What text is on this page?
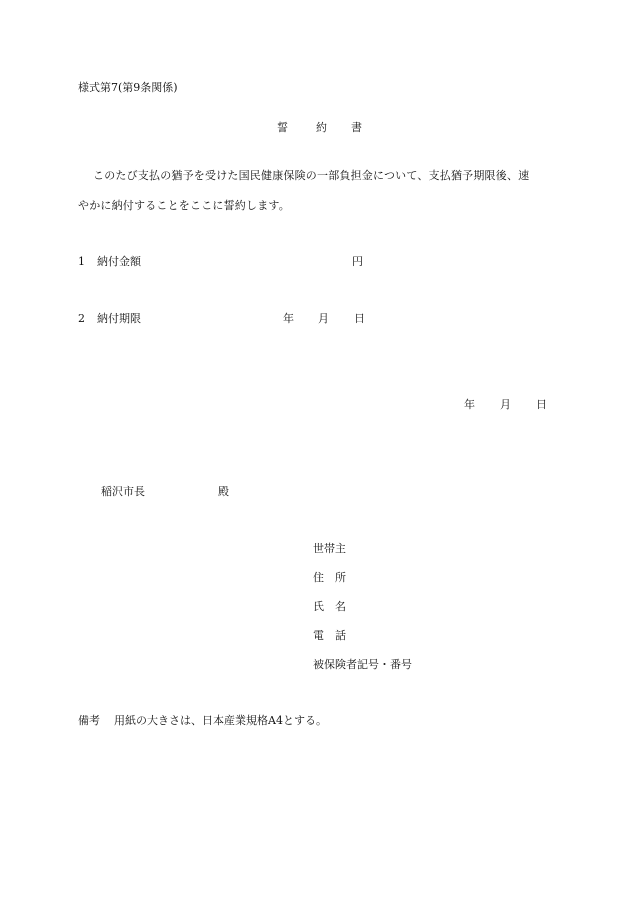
様式第7(第9条関係)

誓	約	書

このたび支払の猶予を受けた国民健康保険の一部負担金について、支払猶予期限後、速
やかに納付することをここに誓約します。
1 納付金額	円
2 納付期限	年 月 日
年 月 日
稲沢市長	殿
世帯主
住　所
氏　名
電　話
被保険者記号・番号
備考 用紙の大きさは、日本産業規格A4とする。
